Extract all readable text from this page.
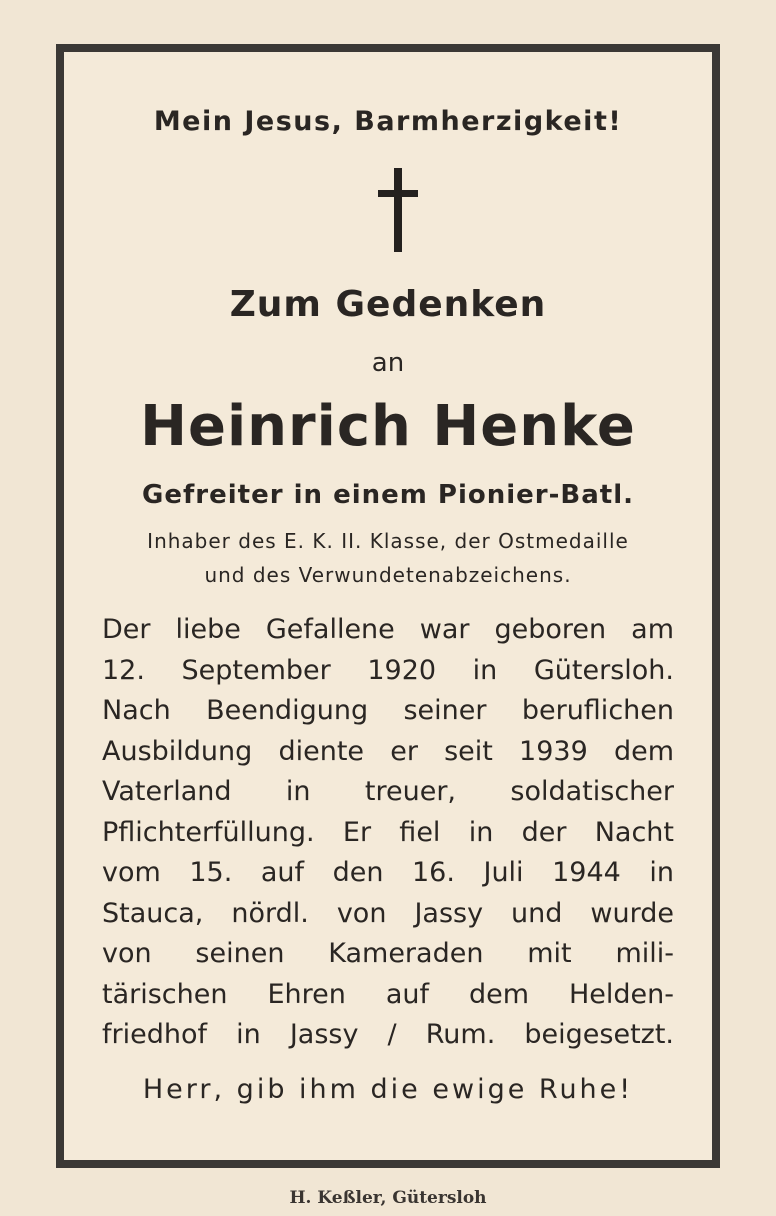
Mein Jesus, Barmherzigkeit!
Zum Gedenken
an
Heinrich Henke
Gefreiter in einem Pionier-Batl.
Inhaber des E. K. II. Klasse, der Ostmedaille
und des Verwundetenabzeichens.
Der liebe Gefallene war geboren am
12. September 1920 in Gütersloh.
Nach Beendigung seiner beruflichen
Ausbildung diente er seit 1939 dem
Vaterland in treuer, soldatischer
Pflichterfüllung. Er fiel in der Nacht
vom 15. auf den 16. Juli 1944 in
Stauca, nördl. von Jassy und wurde
von seinen Kameraden mit mili-
tärischen Ehren auf dem Helden-
friedhof in Jassy / Rum. beigesetzt.
Herr, gib ihm die ewige Ruhe!
H. Keßler, Gütersloh
